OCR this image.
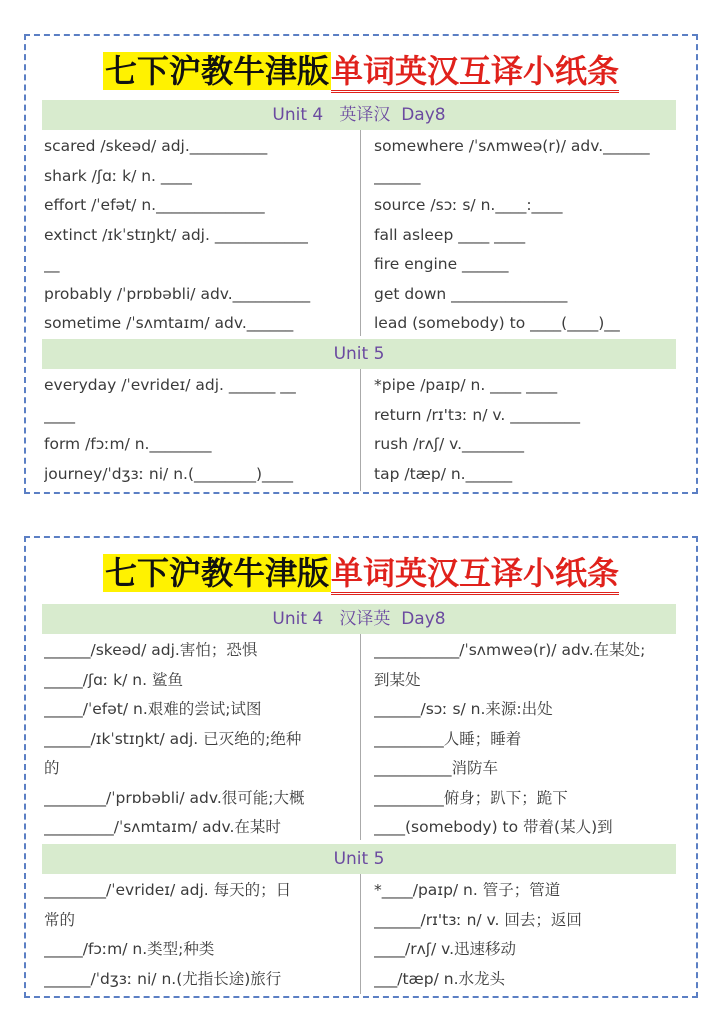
七下沪教牛津版单词英汉互译小纸条
Unit 4   英译汉  Day8
scared /skeəd/ adj.__________
shark /ʃɑː k/ n. ____
effort /ˈefət/ n.______________
extinct /ɪkˈstɪŋkt/ adj. ____________
__
probably /ˈprɒbəbli/ adv.__________
sometime /ˈsʌmtaɪm/ adv.______
somewhere /ˈsʌmweə(r)/ adv.______
______
source /sɔː s/ n.____:____
fall asleep ____ ____
fire engine ______
get down _______________
lead (somebody) to ____(____)__
Unit 5
everyday /ˈevrideɪ/ adj. ______ __
____
form /fɔːm/ n.________
journey/ˈdʒɜː ni/ n.(________)____
*pipe /paɪp/ n. ____ ____
return /rɪ'tɜː n/ v. _________
rush /rʌʃ/ v.________
tap /tæp/ n.______
七下沪教牛津版单词英汉互译小纸条
Unit 4   汉译英  Day8
______/skeəd/ adj.害怕；恐惧
_____/ʃɑː k/ n. 鲨鱼
_____/ˈefət/ n.艰难的尝试;试图
______/ɪkˈstɪŋkt/ adj. 已灭绝的;绝种
的
________/ˈprɒbəbli/ adv.很可能;大概
_________/ˈsʌmtaɪm/ adv.在某时
___________/ˈsʌmweə(r)/ adv.在某处;
到某处
______/sɔː s/ n.来源:出处
_________人睡；睡着
__________消防车
_________俯身；趴下；跪下
____(somebody) to 带着(某人)到
Unit 5
________/ˈevrideɪ/ adj. 每天的；日
常的
_____/fɔːm/ n.类型;种类
______/ˈdʒɜː ni/ n.(尤指长途)旅行
*____/paɪp/ n. 管子；管道
______/rɪ'tɜː n/ v. 回去；返回
____/rʌʃ/ v.迅速移动
___/tæp/ n.水龙头
